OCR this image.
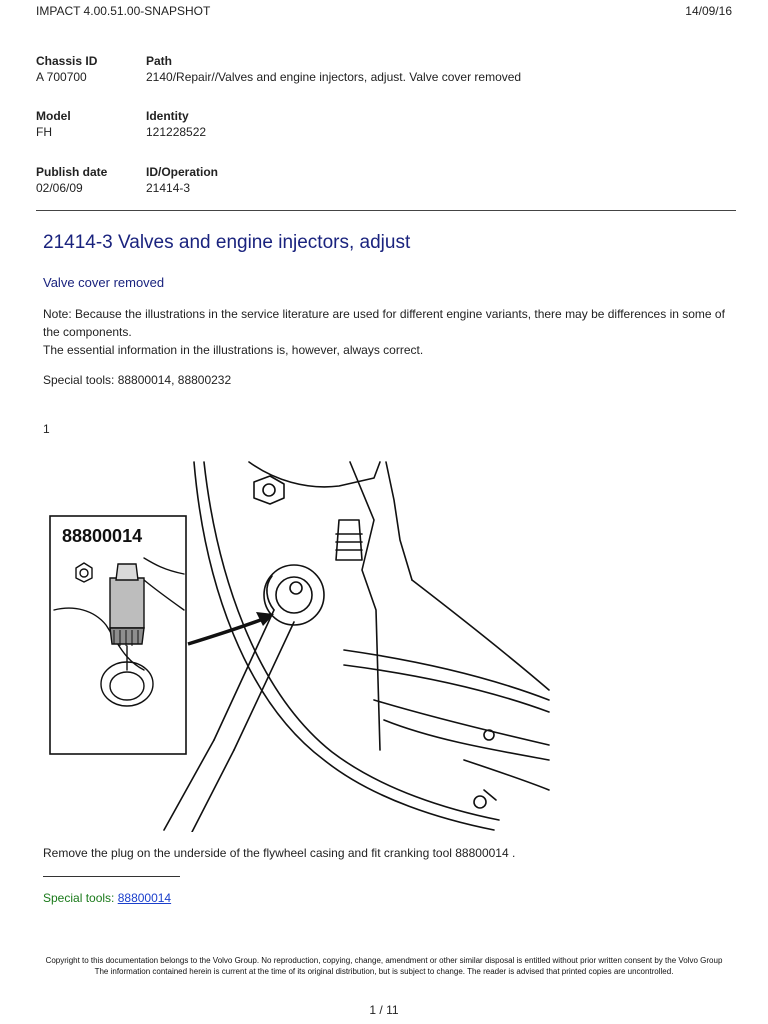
IMPACT 4.00.51.00-SNAPSHOT	14/09/16
Chassis ID
A 700700
Path
2140/Repair//Valves and engine injectors, adjust. Valve cover removed
Model
FH
Identity
121228522
Publish date
02/06/09
ID/Operation
21414-3
21414-3 Valves and engine injectors, adjust
Valve cover removed
Note: Because the illustrations in the service literature are used for different engine variants, there may be differences in some of the components.
The essential information in the illustrations is, however, always correct.
Special tools: 88800014, 88800232
1
88800014
Remove the plug on the underside of the flywheel casing and fit cranking tool 88800014 .
Special tools: 88800014
Copyright to this documentation belongs to the Volvo Group. No reproduction, copying, change, amendment or other similar disposal is entitled without prior written consent by the Volvo Group
The information contained herein is current at the time of its original distribution, but is subject to change. The reader is advised that printed copies are uncontrolled.
1 / 11
